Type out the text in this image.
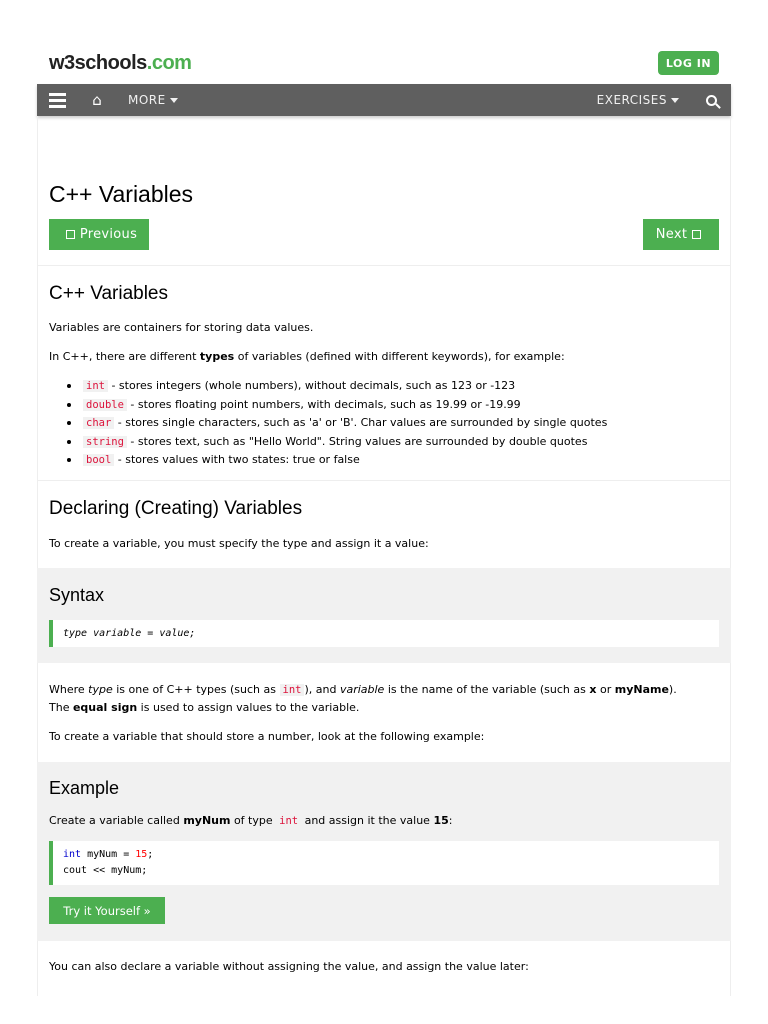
w3schools.com	LOG IN
⌂	MORE	EXERCISES
C++ Variables
Previous	Next
C++ Variables

Variables are containers for storing data values.

In C++, there are different types of variables (defined with different keywords), for example:

int - stores integers (whole numbers), without decimals, such as 123 or -123
double - stores floating point numbers, with decimals, such as 19.99 or -19.99
char - stores single characters, such as 'a' or 'B'. Char values are surrounded by single quotes
string - stores text, such as "Hello World". String values are surrounded by double quotes
bool - stores values with two states: true or false
Declaring (Creating) Variables

To create a variable, you must specify the type and assign it a value:

Syntax
type variable = value;

Where type is one of C++ types (such as int ), and variable is the name of the variable (such as x or myName).
The equal sign is used to assign values to the variable.

To create a variable that should store a number, look at the following example:

Example

Create a variable called myNum of type int and assign it the value 15:

int myNum = 15;
cout << myNum;
Try it Yourself »

You can also declare a variable without assigning the value, and assign the value later:
